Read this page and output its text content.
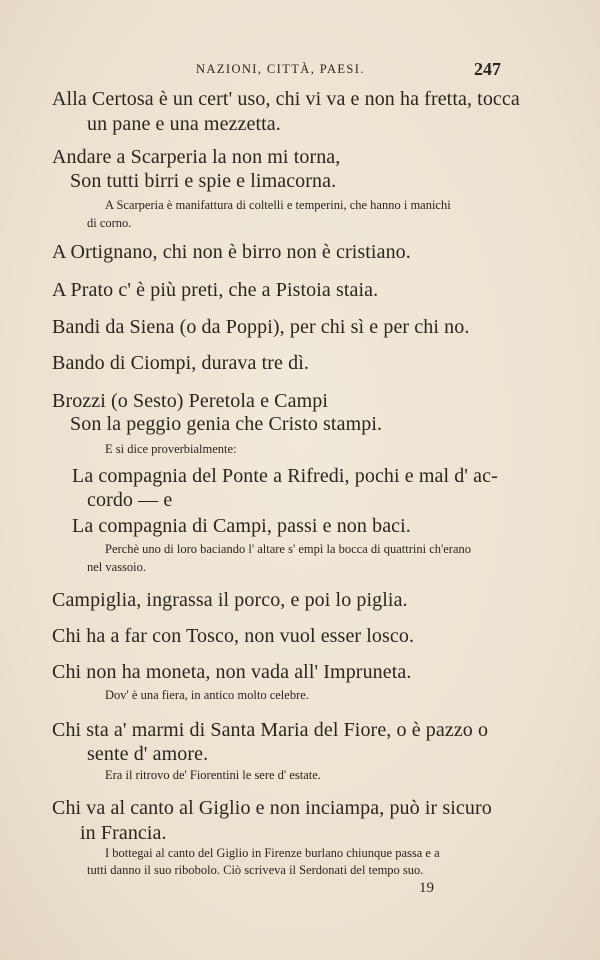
NAZIONI, CITTÀ, PAESI.	247
Alla Certosa è un cert' uso, chi vi va e non ha fretta, tocca
un pane e una mezzetta.
Andare a Scarperia la non mi torna,
Son tutti birri e spie e limacorna.
A Scarperia è manifattura di coltelli e temperini, che hanno i manichi
di corno.
A Ortignano, chi non è birro non è cristiano.
A Prato c' è più preti, che a Pistoia staia.
Bandi da Siena (o da Poppi), per chi sì e per chi no.
Bando di Ciompi, durava tre dì.
Brozzi (o Sesto) Peretola e Campi
Son la peggio genia che Cristo stampi.
E si dice proverbialmente:
La compagnia del Ponte a Rifredi, pochi e mal d' ac-
cordo — e
La compagnia di Campi, passi e non baci.
Perchè uno di loro baciando l' altare s' empì la bocca di quattrini ch'erano
nel vassoio.
Campiglia, ingrassa il porco, e poi lo piglia.
Chi ha a far con Tosco, non vuol esser losco.
Chi non ha moneta, non vada all' Impruneta.
Dov' è una fiera, in antico molto celebre.
Chi sta a' marmi di Santa Maria del Fiore, o è pazzo o
sente d' amore.
Era il ritrovo de' Fiorentini le sere d' estate.
Chi va al canto al Giglio e non inciampa, può ir sicuro
in Francia.
I bottegai al canto del Giglio in Firenze burlano chiunque passa e a
tutti danno il suo ribobolo. Ciò scriveva il Serdonati del tempo suo.
19
